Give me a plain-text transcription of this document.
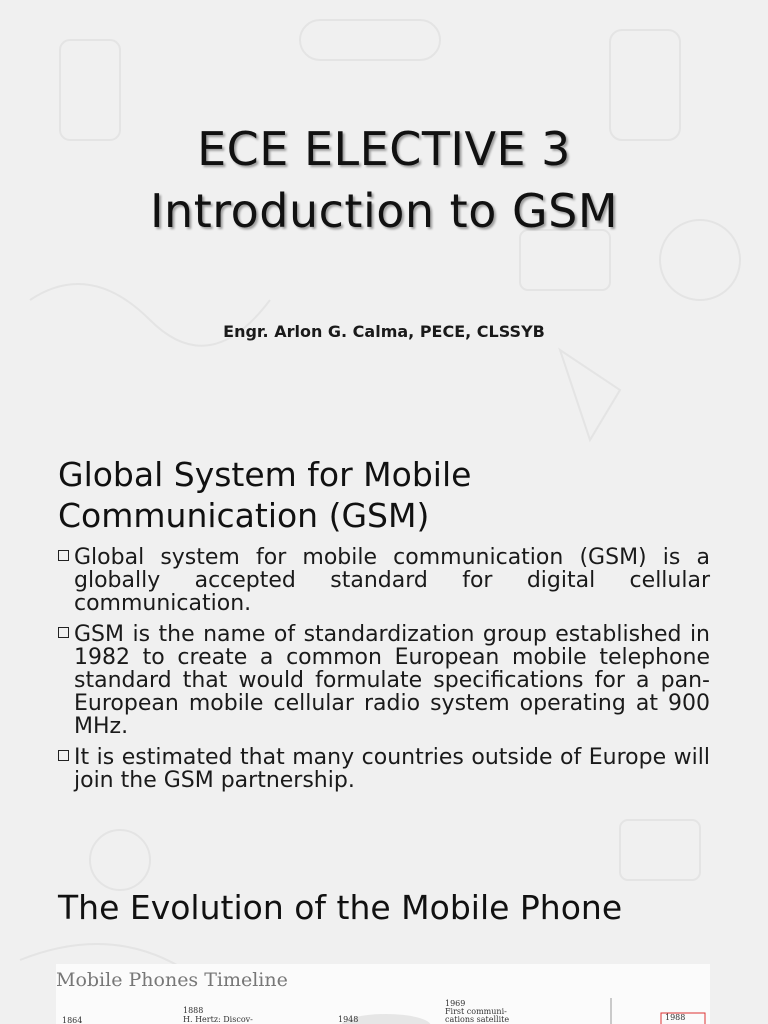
ECE ELECTIVE 3
Introduction to GSM
Engr. Arlon G. Calma, PECE, CLSSYB
Global System for Mobile Communication (GSM)
Global system for mobile communication (GSM) is a globally accepted standard for digital cellular communication.
GSM is the name of standardization group established in 1982 to create a common European mobile telephone standard that would formulate specifications for a pan-European mobile cellular radio system operating at 900 MHz.
It is estimated that many countries outside of Europe will join the GSM partnership.
The Evolution of the Mobile Phone
Mobile Phones Timeline
1864
1888
H. Hertz: Discov-	1948
1969
First communi-
cations satellite	1988
